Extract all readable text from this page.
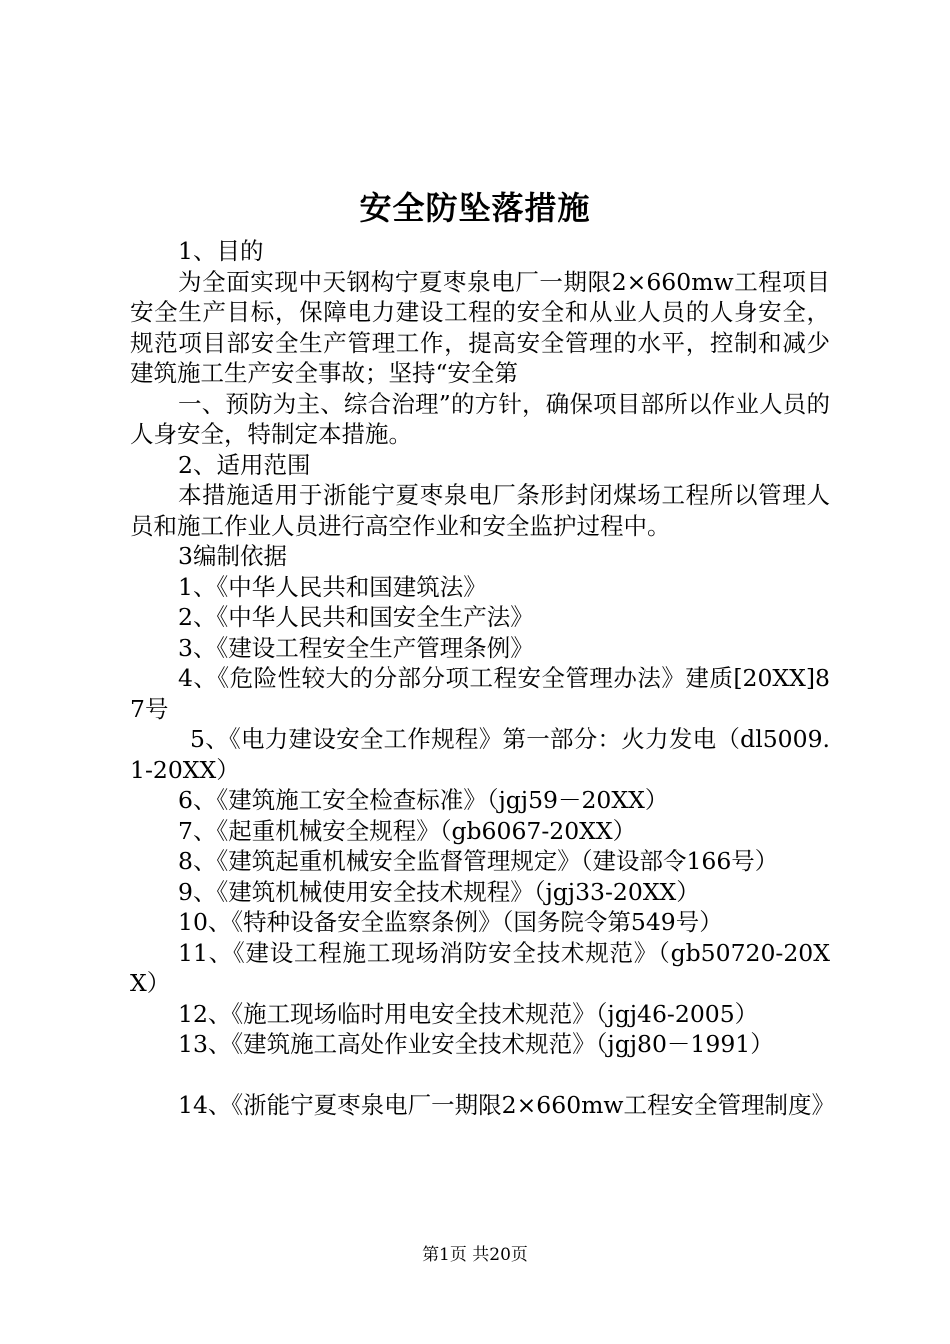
安全防坠落措施

1、目的

为全面实现中天钢构宁夏枣泉电厂一期限2×660mw工程项目安全生产目标，保障电力建设工程的安全和从业人员的人身安全，规范项目部安全生产管理工作，提高安全管理的水平，控制和减少建筑施工生产安全事故；坚持“安全第

一、预防为主、综合治理”的方针，确保项目部所以作业人员的人身安全，特制定本措施。

2、适用范围

本措施适用于浙能宁夏枣泉电厂条形封闭煤场工程所以管理人员和施工作业人员进行高空作业和安全监护过程中。

3编制依据

1、《中华人民共和国建筑法》

2、《中华人民共和国安全生产法》

3、《建设工程安全生产管理条例》

4、《危险性较大的分部分项工程安全管理办法》建质[20XX]87号

5、《电力建设安全工作规程》第一部分：火力发电（dl5009.1-20XX）

6、《建筑施工安全检查标准》（jgj59－20XX）

7、《起重机械安全规程》（gb6067-20XX）

8、《建筑起重机械安全监督管理规定》（建设部令166号）

9、《建筑机械使用安全技术规程》（jgj33-20XX）

10、《特种设备安全监察条例》（国务院令第549号）

11、《建设工程施工现场消防安全技术规范》（gb50720-20XX）

12、《施工现场临时用电安全技术规范》（jgj46-2005）

13、《建筑施工高处作业安全技术规范》（jgj80－1991）

14、《浙能宁夏枣泉电厂一期限2×660mw工程安全管理制度》

第1页 共20页
